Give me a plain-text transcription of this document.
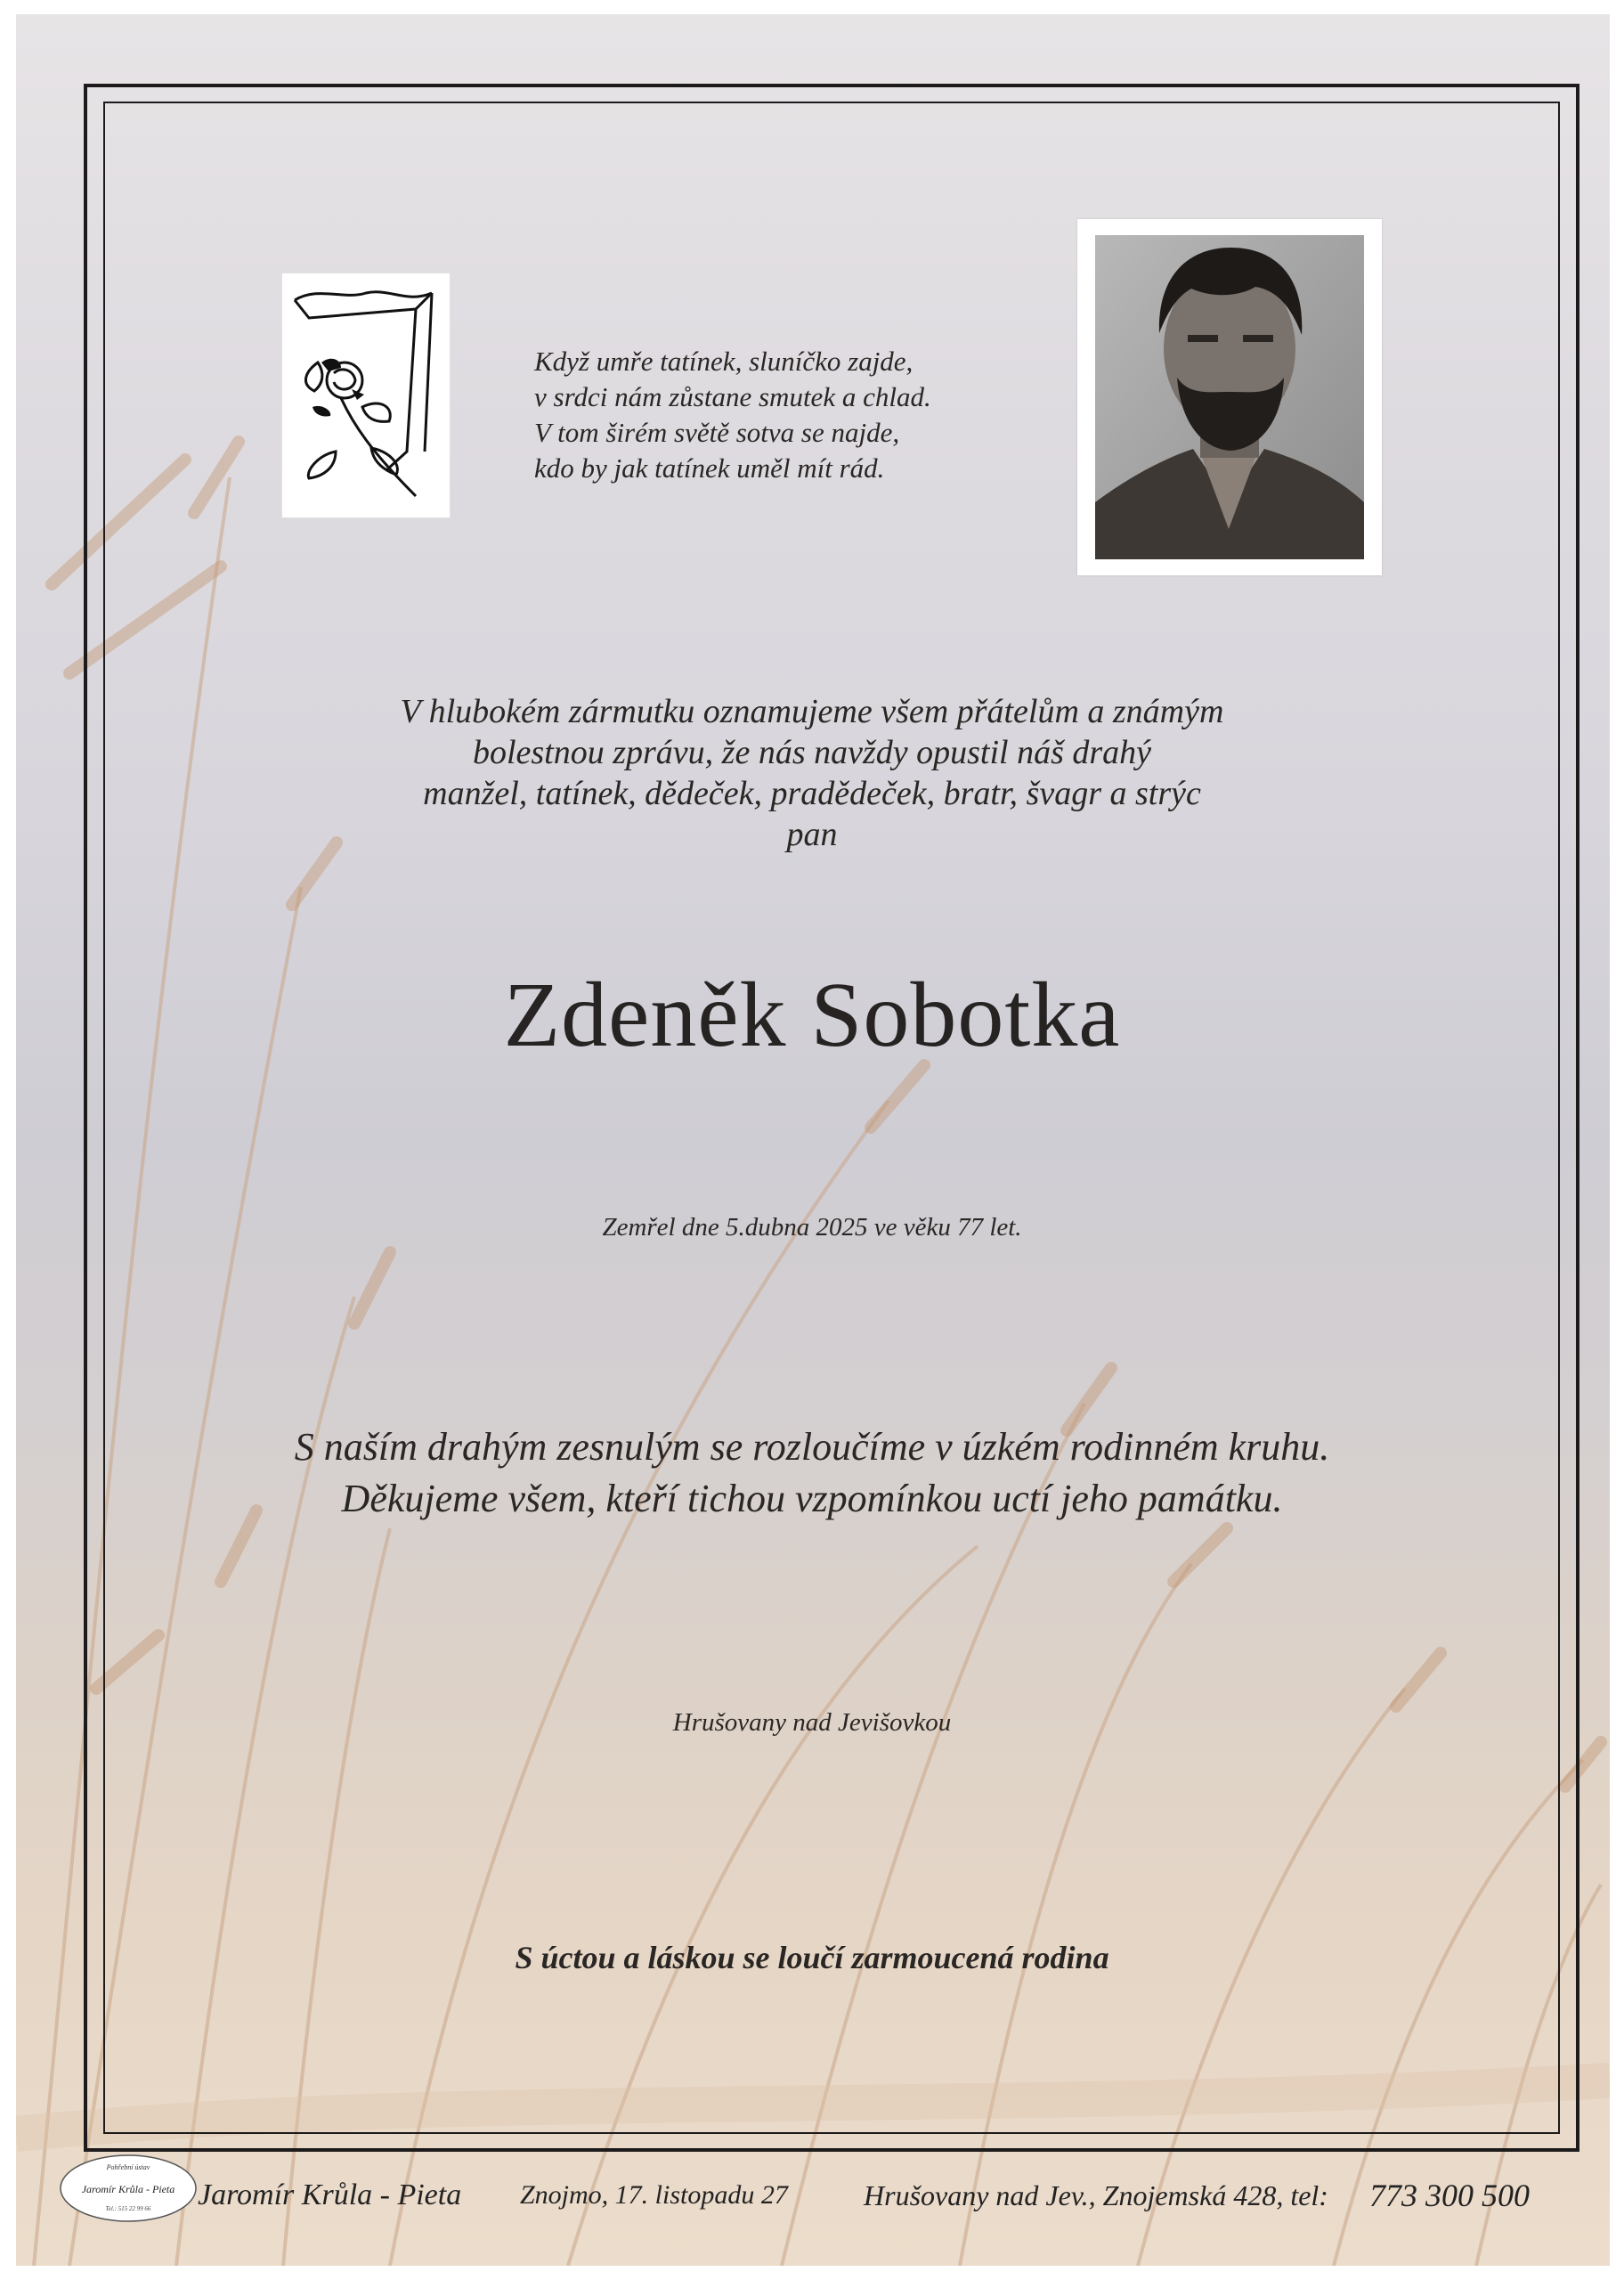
Když umře tatínek, sluníčko zajde,
v srdci nám zůstane smutek a chlad.
V tom širém světě sotva se najde,
kdo by jak tatínek uměl mít rád.
V hlubokém zármutku oznamujeme všem přátelům a známým
bolestnou zprávu, že nás navždy opustil náš drahý
manžel, tatínek, dědeček, pradědeček, bratr, švagr a strýc
pan
Zdeněk Sobotka
Zemřel dne 5.dubna 2025 ve věku 77 let.
S naším drahým zesnulým se rozloučíme v úzkém rodinném kruhu.
Děkujeme všem, kteří tichou vzpomínkou uctí jeho památku.
Hrušovany nad Jevišovkou
S úctou a láskou se loučí zarmoucená rodina
Pohřební ústav
Jaromír Krůla - Pieta
Tel.: 515 22 99 66 Jaromír Krůla - Pieta Znojmo, 17. listopadu 27	Hrušovany nad Jev., Znojemská 428, tel: 773 300 500
